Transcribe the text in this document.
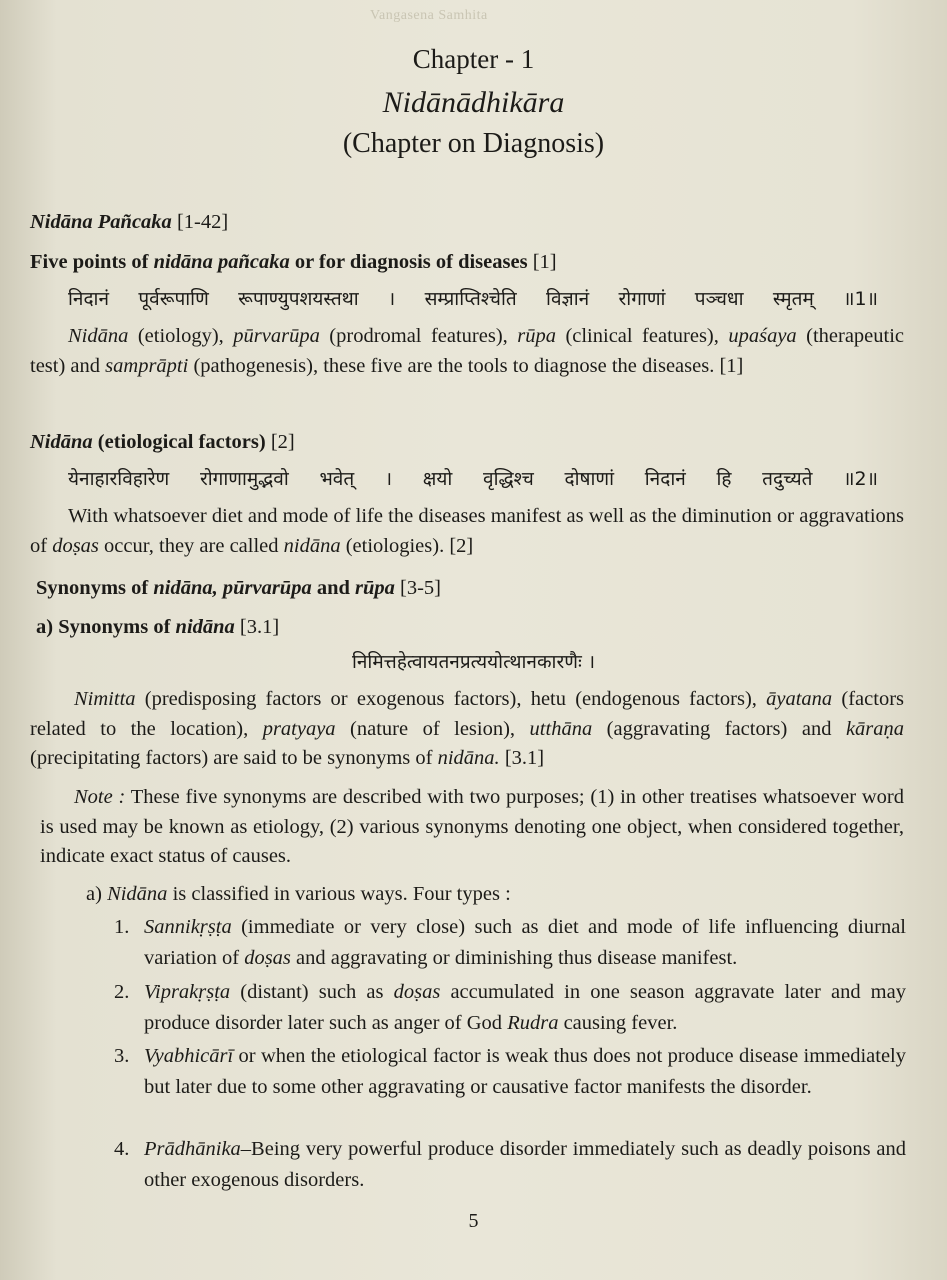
Vangasena Samhita
Chapter - 1
Nidānādhikāra
(Chapter on Diagnosis)
Nidāna Pañcaka [1-42]
Five points of nidāna pañcaka or for diagnosis of diseases [1]
निदानं पूर्वरूपाणि रूपाण्युपशयस्तथा । सम्प्राप्तिश्चेति विज्ञानं रोगाणां पञ्चधा स्मृतम् ॥1॥
Nidāna (etiology), pūrvarūpa (prodromal features), rūpa (clinical features), upaśaya (therapeutic test) and samprāpti (pathogenesis), these five are the tools to diagnose the diseases. [1]
Nidāna (etiological factors) [2]
येनाहारविहारेण रोगाणामुद्भवो भवेत् । क्षयो वृद्धिश्च दोषाणां निदानं हि तदुच्यते ॥2॥
With whatsoever diet and mode of life the diseases manifest as well as the diminution or aggravations of doṣas occur, they are called nidāna (etiologies). [2]
Synonyms of nidāna, pūrvarūpa and rūpa [3-5]
a) Synonyms of nidāna [3.1]
निमित्तहेत्वायतनप्रत्ययोत्थानकारणैः ।
Nimitta (predisposing factors or exogenous factors), hetu (endogenous factors), āyatana (factors related to the location), pratyaya (nature of lesion), utthāna (aggravating factors) and kāraṇa (precipitating factors) are said to be synonyms of nidāna. [3.1]
Note : These five synonyms are described with two purposes; (1) in other treatises whatsoever word is used may be known as etiology, (2) various synonyms denoting one object, when considered together, indicate exact status of causes.
a) Nidāna is classified in various ways. Four types :
1. Sannikṛṣṭa (immediate or very close) such as diet and mode of life influencing diurnal variation of doṣas and aggravating or diminishing thus disease manifest.
2. Viprakṛṣṭa (distant) such as doṣas accumulated in one season aggravate later and may produce disorder later such as anger of God Rudra causing fever.
3. Vyabhicārī or when the etiological factor is weak thus does not produce disease immediately but later due to some other aggravating or causative factor manifests the disorder.
4. Prādhānika–Being very powerful produce disorder immediately such as deadly poisons and other exogenous disorders.
5
